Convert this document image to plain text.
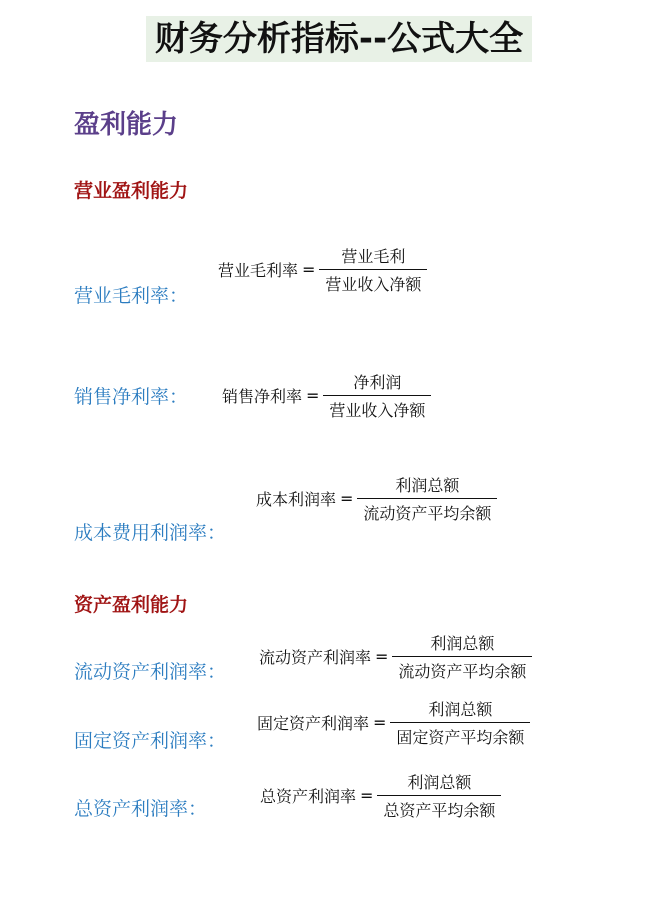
财务分析指标--公式大全
盈利能力
营业盈利能力
资产盈利能力
营业毛利率：
营业毛利率 = $\frac{\text{营业毛利}}{\text{营业收入净额}}$
销售净利率： 销售净利率 = $\frac{\text{净利润}}{\text{营业收入净额}}$
成本费用利润率：
成本利润率 = $\frac{\text{利润总额}}{\text{流动资产平均余额}}$
流动资产利润率：
流动资产利润率 = $\frac{\text{利润总额}}{\text{流动资产平均余额}}$
固定资产利润率：
固定资产利润率 = $\frac{\text{利润总额}}{\text{固定资产平均余额}}$
总资产利润率：
总资产利润率 = $\frac{\text{利润总额}}{\text{总资产平均余额}}$
